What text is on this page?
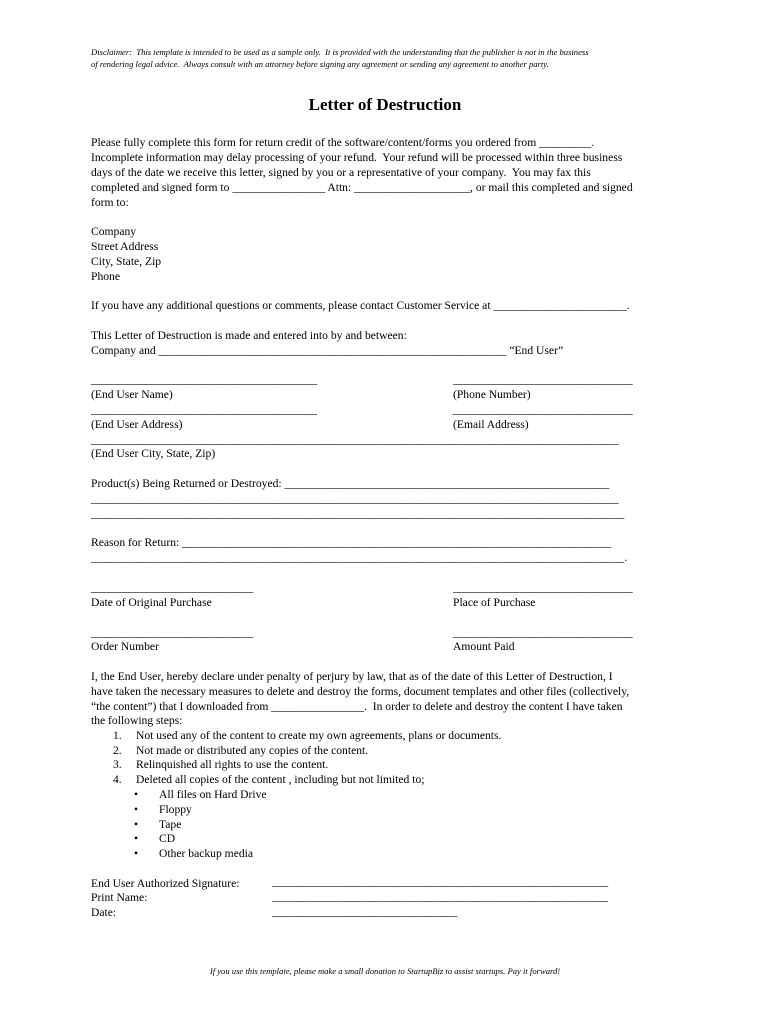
Disclaimer:  This template is intended to be used as a sample only.  It is provided with the understanding that the publisher is not in the business
of rendering legal advice.  Always consult with an attorney before signing any agreement or sending any agreement to another party.
Letter of Destruction
Please fully complete this form for return credit of the software/content/forms you ordered from _________.
Incomplete information may delay processing of your refund.  Your refund will be processed within three business
days of the date we receive this letter, signed by you or a representative of your company.  You may fax this
completed and signed form to ________________ Attn: ____________________, or mail this completed and signed
form to:
Company
Street Address
City, State, Zip
Phone
If you have any additional questions or comments, please contact Customer Service at _______________________.
This Letter of Destruction is made and entered into by and between:
Company and ____________________________________________________________ “End User”
_______________________________________	_______________________________
(End User Name)	(Phone Number)
_______________________________________	_______________________________
(End User Address)	(Email Address)
___________________________________________________________________________________________
(End User City, State, Zip)
Product(s) Being Returned or Destroyed: ________________________________________________________
___________________________________________________________________________________________
____________________________________________________________________________________________
Reason for Return: __________________________________________________________________________
____________________________________________________________________________________________.
____________________________	_______________________________
Date of Original Purchase	Place of Purchase
____________________________	_______________________________
Order Number	Amount Paid
I, the End User, hereby declare under penalty of perjury by law, that as of the date of this Letter of Destruction, I
have taken the necessary measures to delete and destroy the forms, document templates and other files (collectively,
“the content”) that I downloaded from ________________.  In order to delete and destroy the content I have taken
the following steps:
1. Not used any of the content to create my own agreements, plans or documents.
2. Not made or distributed any copies of the content.
3. Relinquished all rights to use the content.
4. Deleted all copies of the content , including but not limited to;
• All files on Hard Drive
• Floppy
• Tape
• CD
• Other backup media
End User Authorized Signature:	__________________________________________________________
Print Name:	__________________________________________________________
Date:	________________________________
If you use this template, please make a small donation to StartupBiz to assist startups. Pay it forward!
